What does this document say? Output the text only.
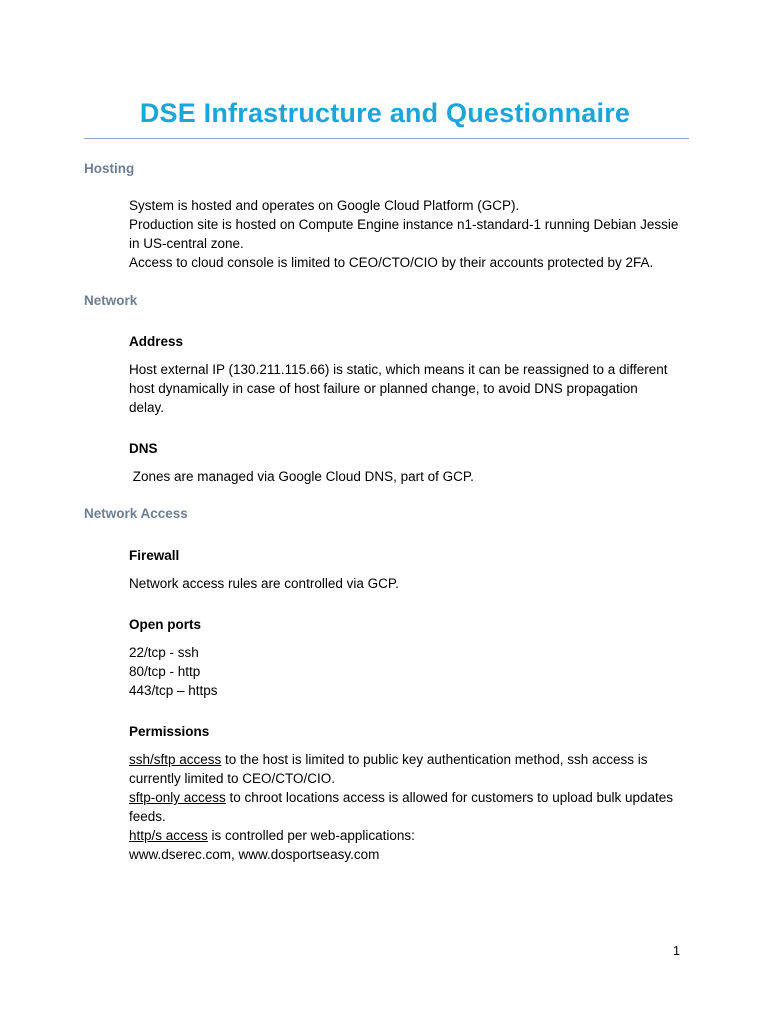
DSE Infrastructure and Questionnaire
Hosting
System is hosted and operates on Google Cloud Platform (GCP).
Production site is hosted on Compute Engine instance n1-standard-1 running Debian Jessie
in US-central zone.
Access to cloud console is limited to CEO/CTO/CIO by their accounts protected by 2FA.
Network
Address
Host external IP (130.211.115.66) is static, which means it can be reassigned to a different
host dynamically in case of host failure or planned change, to avoid DNS propagation
delay.
DNS
Zones are managed via Google Cloud DNS, part of GCP.
Network Access
Firewall
Network access rules are controlled via GCP.
Open ports
22/tcp - ssh
80/tcp - http
443/tcp – https
Permissions
ssh/sftp access to the host is limited to public key authentication method, ssh access is
currently limited to CEO/CTO/CIO.
sftp-only access to chroot locations access is allowed for customers to upload bulk updates
feeds.
http/s access is controlled per web-applications:
www.dserec.com, www.dosportseasy.com
1
